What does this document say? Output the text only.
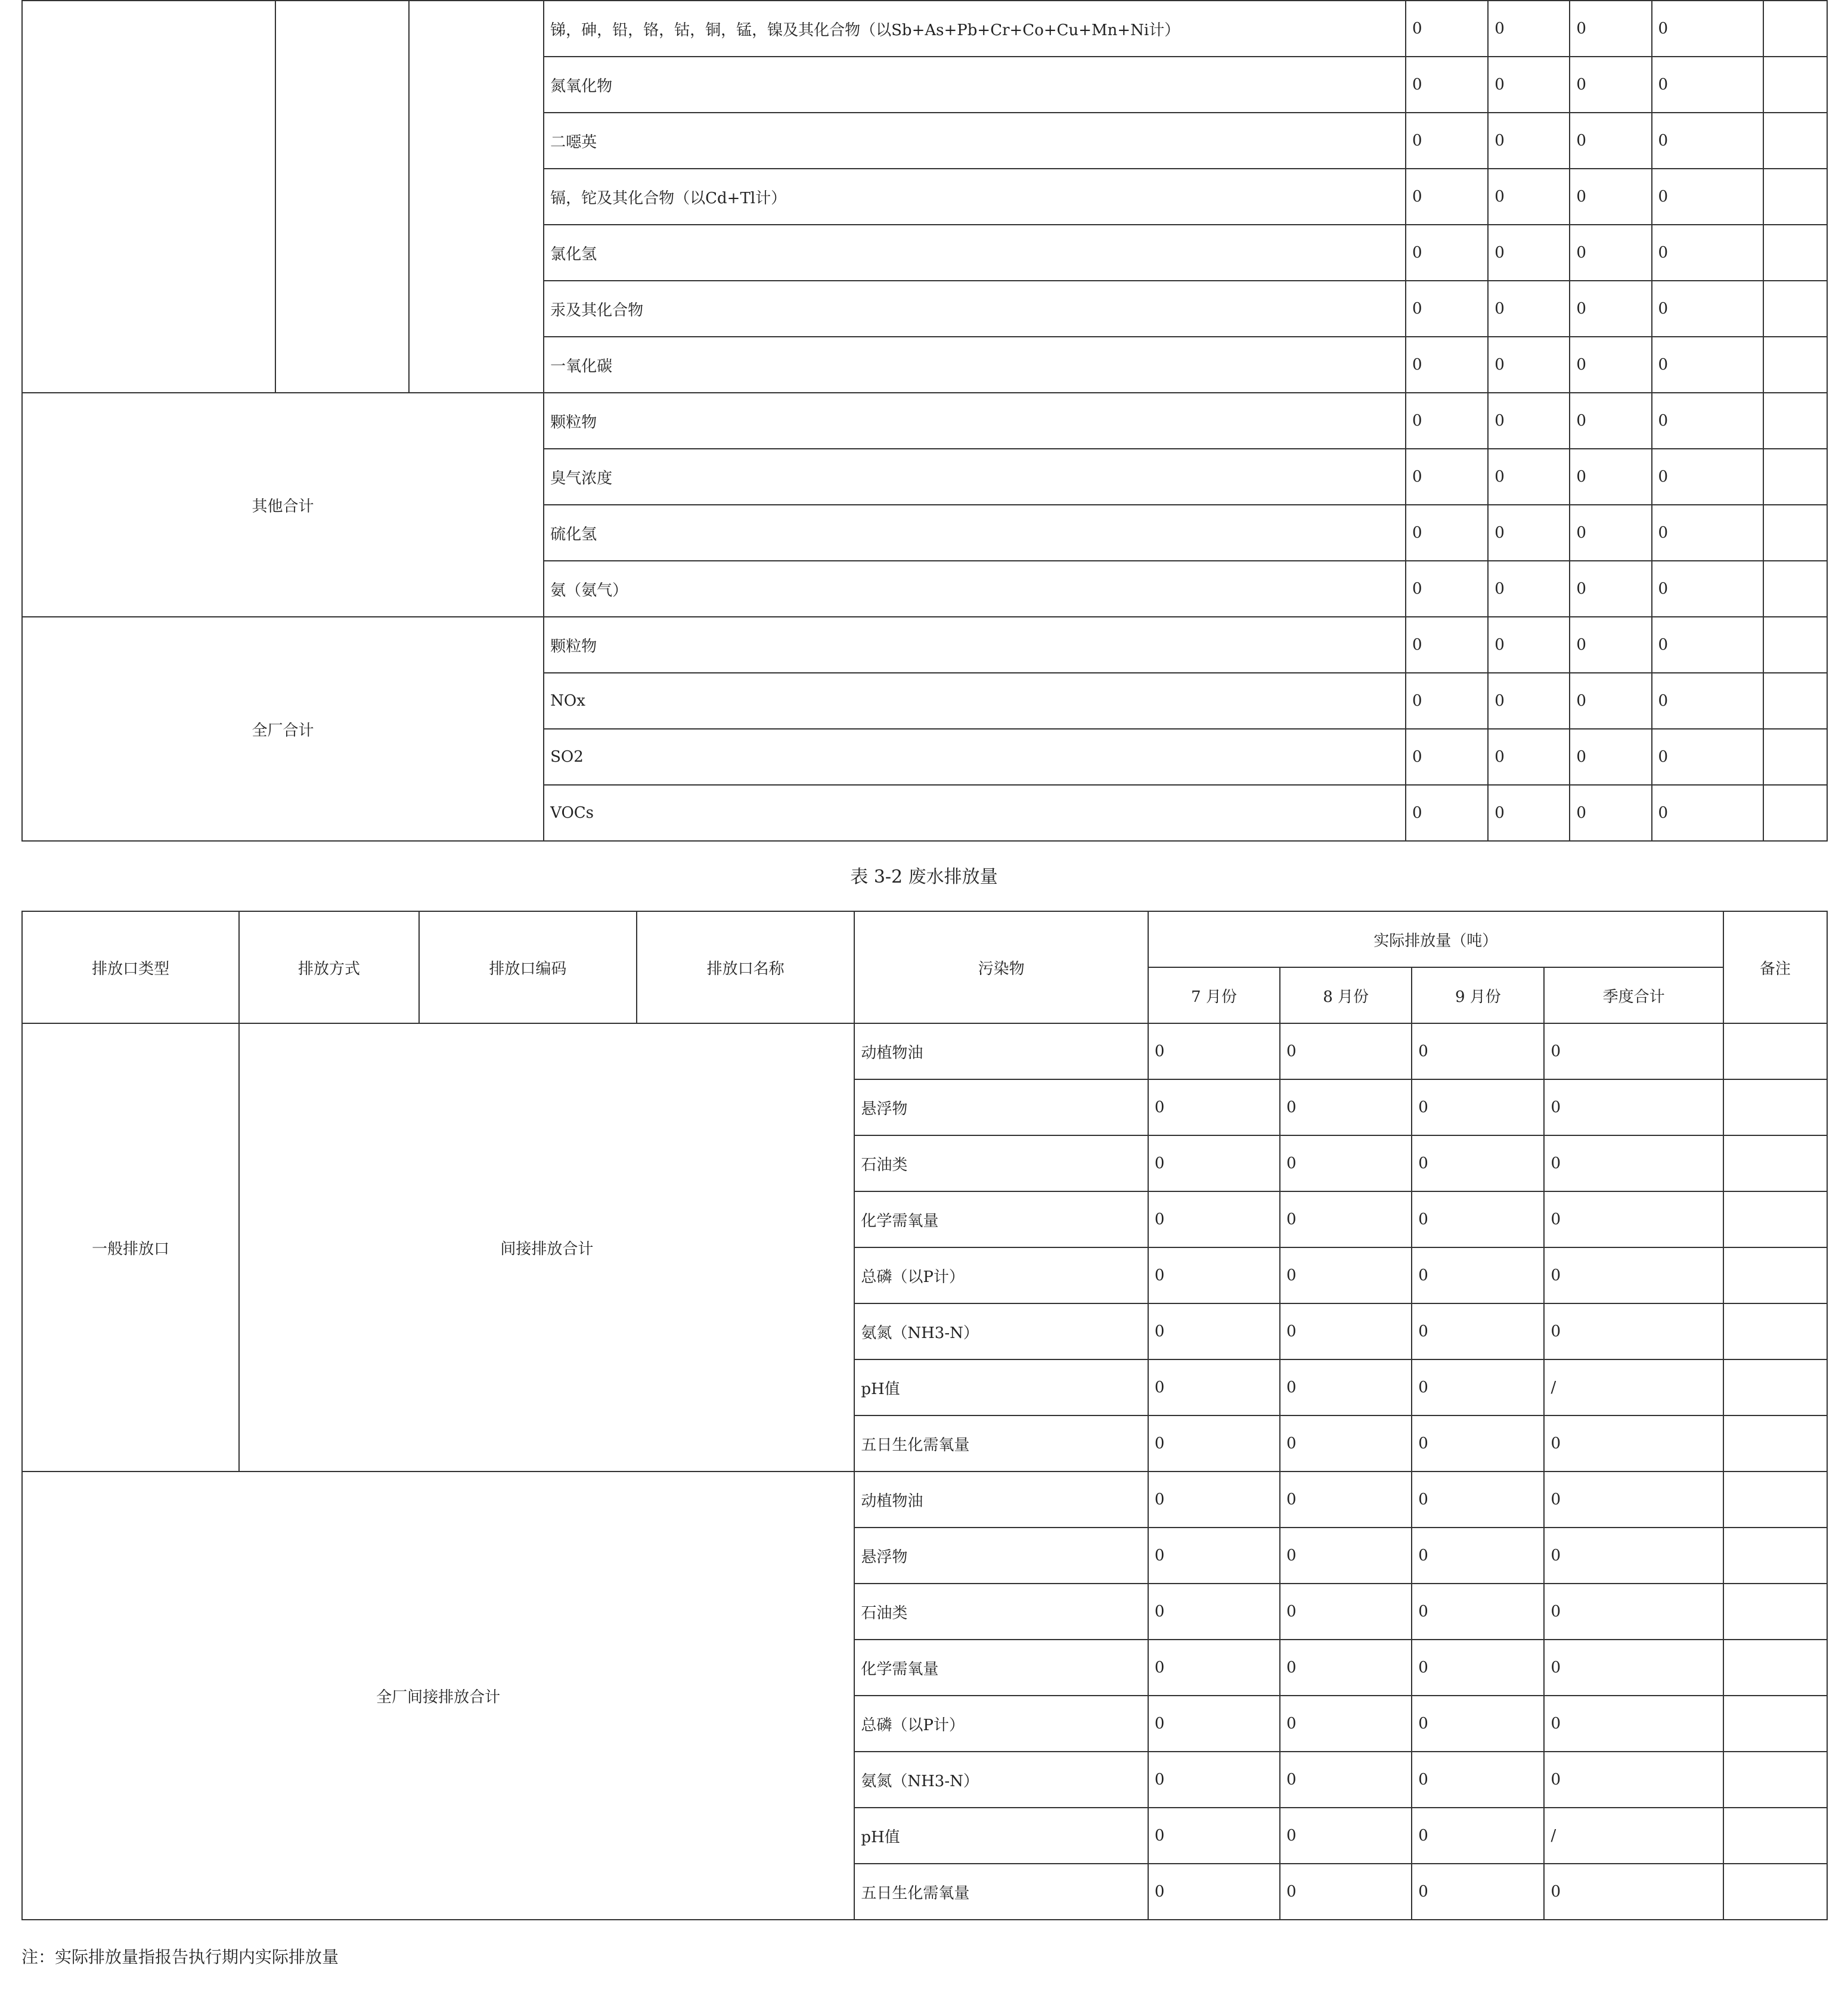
			锑，砷，铅，铬，钴，铜，锰，镍及其化合物（以Sb+As+Pb+Cr+Co+Cu+Mn+Ni计）	0	0	0	0	
			氮氧化物	0	0	0	0	
			二噁英	0	0	0	0	
			镉，铊及其化合物（以Cd+Tl计）	0	0	0	0	
			氯化氢	0	0	0	0	
			汞及其化合物	0	0	0	0	
			一氧化碳	0	0	0	0	
其他合计			颗粒物	0	0	0	0	
			臭气浓度	0	0	0	0	
			硫化氢	0	0	0	0	
			氨（氨气）	0	0	0	0	
全厂合计			颗粒物	0	0	0	0	
			NOx	0	0	0	0	
			SO2	0	0	0	0	
			VOCs	0	0	0	0	
表 3-2 废水排放量
排放口类型	排放方式	排放口编码	排放口名称	污染物	实际排放量（吨）				备注
					7 月份	8 月份	9 月份	季度合计	
一般排放口	间接排放合计			动植物油	0	0	0	0	
				悬浮物	0	0	0	0	
				石油类	0	0	0	0	
				化学需氧量	0	0	0	0	
				总磷（以P计）	0	0	0	0	
				氨氮（NH3-N）	0	0	0	0	
				pH值	0	0	0	/	
				五日生化需氧量	0	0	0	0	
全厂间接排放合计				动植物油	0	0	0	0	
				悬浮物	0	0	0	0	
				石油类	0	0	0	0	
				化学需氧量	0	0	0	0	
				总磷（以P计）	0	0	0	0	
				氨氮（NH3-N）	0	0	0	0	
				pH值	0	0	0	/	
				五日生化需氧量	0	0	0	0	
注：实际排放量指报告执行期内实际排放量
